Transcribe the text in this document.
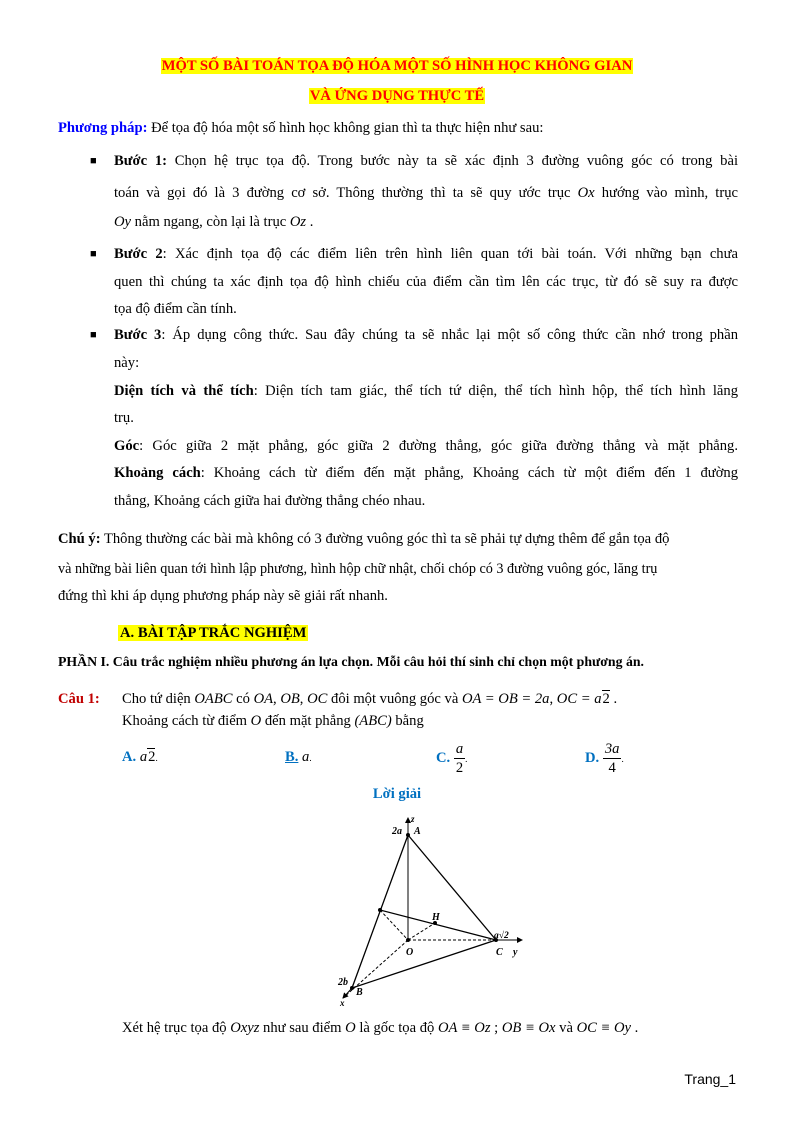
MỘT SỐ BÀI TOÁN TỌA ĐỘ HÓA MỘT SỐ HÌNH HỌC KHÔNG GIAN
VÀ ỨNG DỤNG THỰC TẾ
Phương pháp: Để tọa độ hóa một số hình học không gian thì ta thực hiện như sau:
■ Bước 1: Chọn hệ trục tọa độ. Trong bước này ta sẽ xác định 3 đường vuông góc có trong bài
toán và gọi đó là 3 đường cơ sở. Thông thường thì ta sẽ quy ước trục Ox hướng vào mình, trục
Oy nằm ngang, còn lại là trục Oz .
■ Bước 2: Xác định tọa độ các điểm liên trên hình liên quan tới bài toán. Với những bạn chưa
quen thì chúng ta xác định tọa độ hình chiếu của điểm cần tìm lên các trục, từ đó sẽ suy ra được
tọa độ điểm cần tính.
■ Bước 3: Áp dụng công thức. Sau đây chúng ta sẽ nhắc lại một số công thức cần nhớ trong phần
này:
Diện tích và thể tích: Diện tích tam giác, thể tích tứ diện, thể tích hình hộp, thể tích hình lăng
trụ.
Góc: Góc giữa 2 mặt phẳng, góc giữa 2 đường thẳng, góc giữa đường thẳng và mặt phẳng.
Khoảng cách: Khoảng cách từ điểm đến mặt phẳng, Khoảng cách từ một điểm đến 1 đường
thẳng, Khoảng cách giữa hai đường thẳng chéo nhau.
Chú ý: Thông thường các bài mà không có 3 đường vuông góc thì ta sẽ phải tự dựng thêm để gắn tọa độ
và những bài liên quan tới hình lập phương, hình hộp chữ nhật, chối chóp có 3 đường vuông góc, lăng trụ
đứng thì khi áp dụng phương pháp này sẽ giải rất nhanh.
A. BÀI TẬP TRẮC NGHIỆM
PHẦN I. Câu trắc nghiệm nhiều phương án lựa chọn. Mỗi câu hỏi thí sinh chỉ chọn một phương án.
Câu 1: Cho tứ diện OABC có OA, OB, OC đôi một vuông góc và OA = OB = 2a, OC = a2 .
Khoảng cách từ điểm O đến mặt phẳng (ABC) bằng
A. a2.	B. a.	C. $\frac{a}{2}$ .	D. $\frac{3a}{4}$ .
Lời giải
z
2a A
H
O
a√2
C y
2b
B
x
Xét hệ trục tọa độ Oxyz như sau điểm O là gốc tọa độ OA ≡ Oz ; OB ≡ Ox và OC ≡ Oy .
Trang_1
